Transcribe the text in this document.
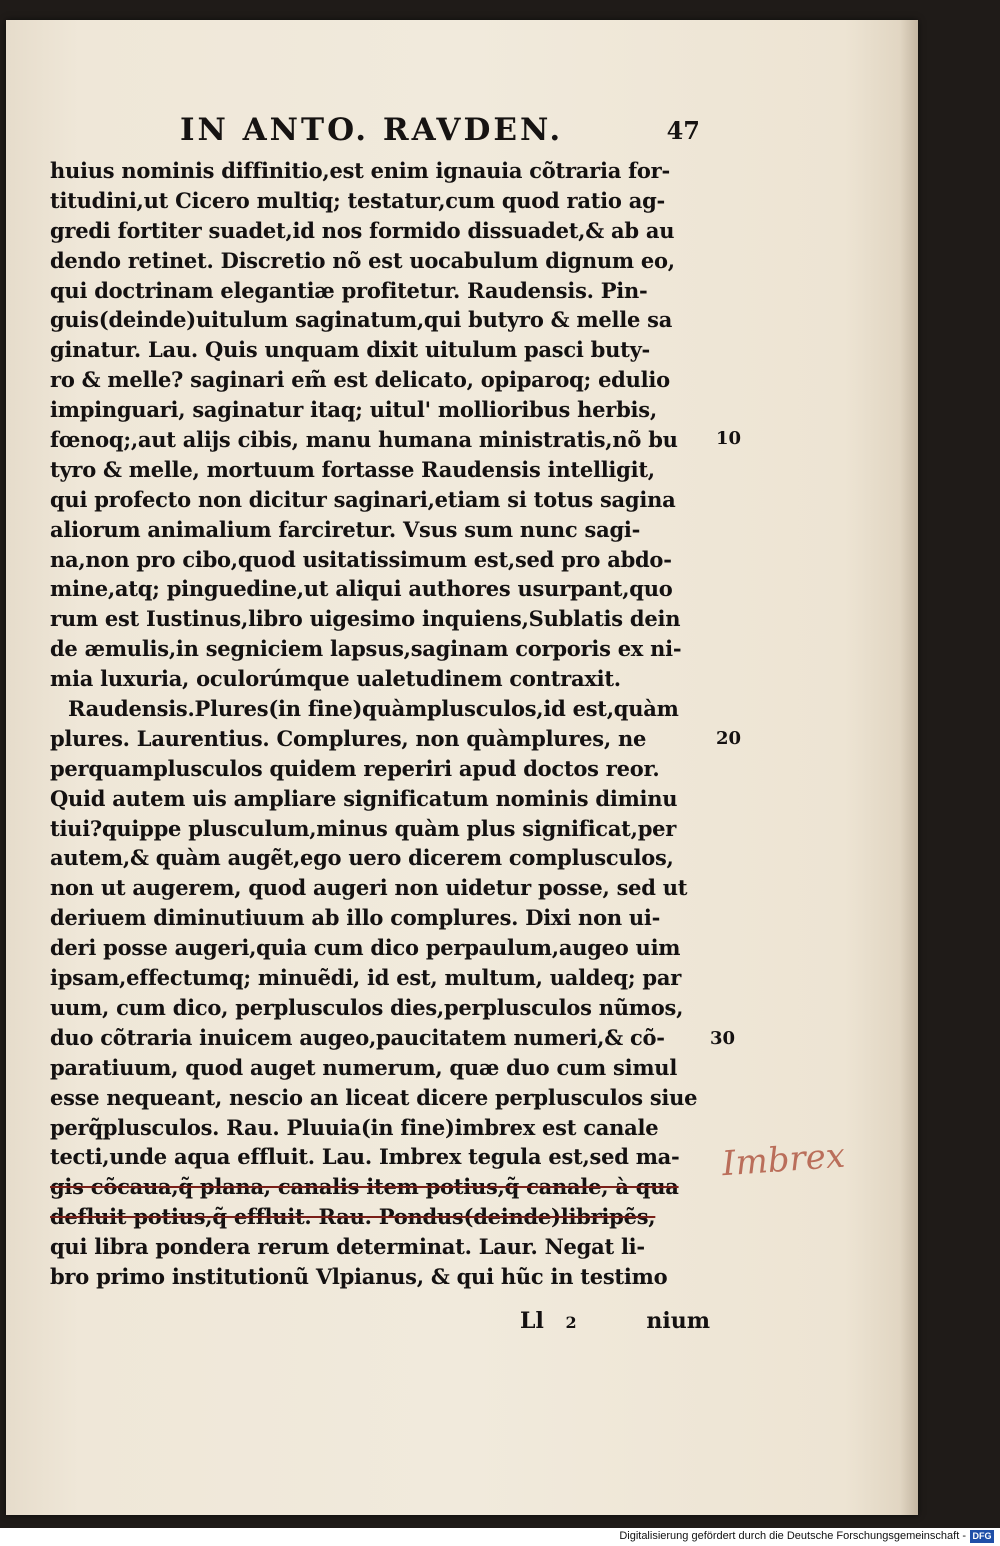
IN ANTO. RAVDEN.	47
huius nominis diffinitio,est enim ignauia cõtraria for-
titudini,ut Cicero multiq; testatur,cum quod ratio ag-
gredi fortiter suadet,id nos formido dissuadet,& ab au
dendo retinet. Discretio nõ est uocabulum dignum eo,
qui doctrinam elegantiæ profitetur. Raudensis. Pin-
guis(deinde)uitulum saginatum,qui butyro & melle sa
ginatur. Lau. Quis unquam dixit uitulum pasci buty-
ro & melle? saginari em̃ est delicato, opiparoq; edulio
impinguari, saginatur itaq; uitul' mollioribus herbis,
fœnoq;,aut alijs cibis, manu humana ministratis,nõ bu
tyro & melle, mortuum fortasse Raudensis intelligit,
qui profecto non dicitur saginari,etiam si totus sagina
aliorum animalium farciretur. Vsus sum nunc sagi-
na,non pro cibo,quod usitatissimum est,sed pro abdo-
mine,atq; pinguedine,ut aliqui authores usurpant,quo
rum est Iustinus,libro uigesimo inquiens,Sublatis dein
de æmulis,in segniciem lapsus,saginam corporis ex ni-
mia luxuria, oculorúmque ualetudinem contraxit.
Raudensis.Plures(in fine)quàmplusculos,id est,quàm
plures. Laurentius. Complures, non quàmplures, ne
perquamplusculos quidem reperiri apud doctos reor.
Quid autem uis ampliare significatum nominis diminu
tiui?quippe plusculum,minus quàm plus significat,per
autem,& quàm augẽt,ego uero dicerem complusculos,
non ut augerem, quod augeri non uidetur posse, sed ut
deriuem diminutiuum ab illo complures. Dixi non ui-
deri posse augeri,quia cum dico perpaulum,augeo uim
ipsam,effectumq; minuẽdi, id est, multum, ualdeq; par
uum, cum dico, perplusculos dies,perplusculos nũmos,
duo cõtraria inuicem augeo,paucitatem numeri,& cõ-
paratiuum, quod auget numerum, quæ duo cum simul
esse nequeant, nescio an liceat dicere perplusculos siue
perq̃plusculos. Rau. Pluuia(in fine)imbrex est canale
tecti,unde aqua effluit. Lau. Imbrex tegula est,sed ma-
gis cõcaua,q̃ plana, canalis item potius,q̃ canale, à qua
defluit potius,q̃ effluit. Rau. Pondus(deinde)libripẽs,
qui libra pondera rerum determinat. Laur. Negat li-
bro primo institutionũ Vlpianus, & qui hũc in testimo
10
20
30
Imbrex
Ll 2	nium
Digitalisierung gefördert durch die Deutsche Forschungsgemeinschaft - DFG
